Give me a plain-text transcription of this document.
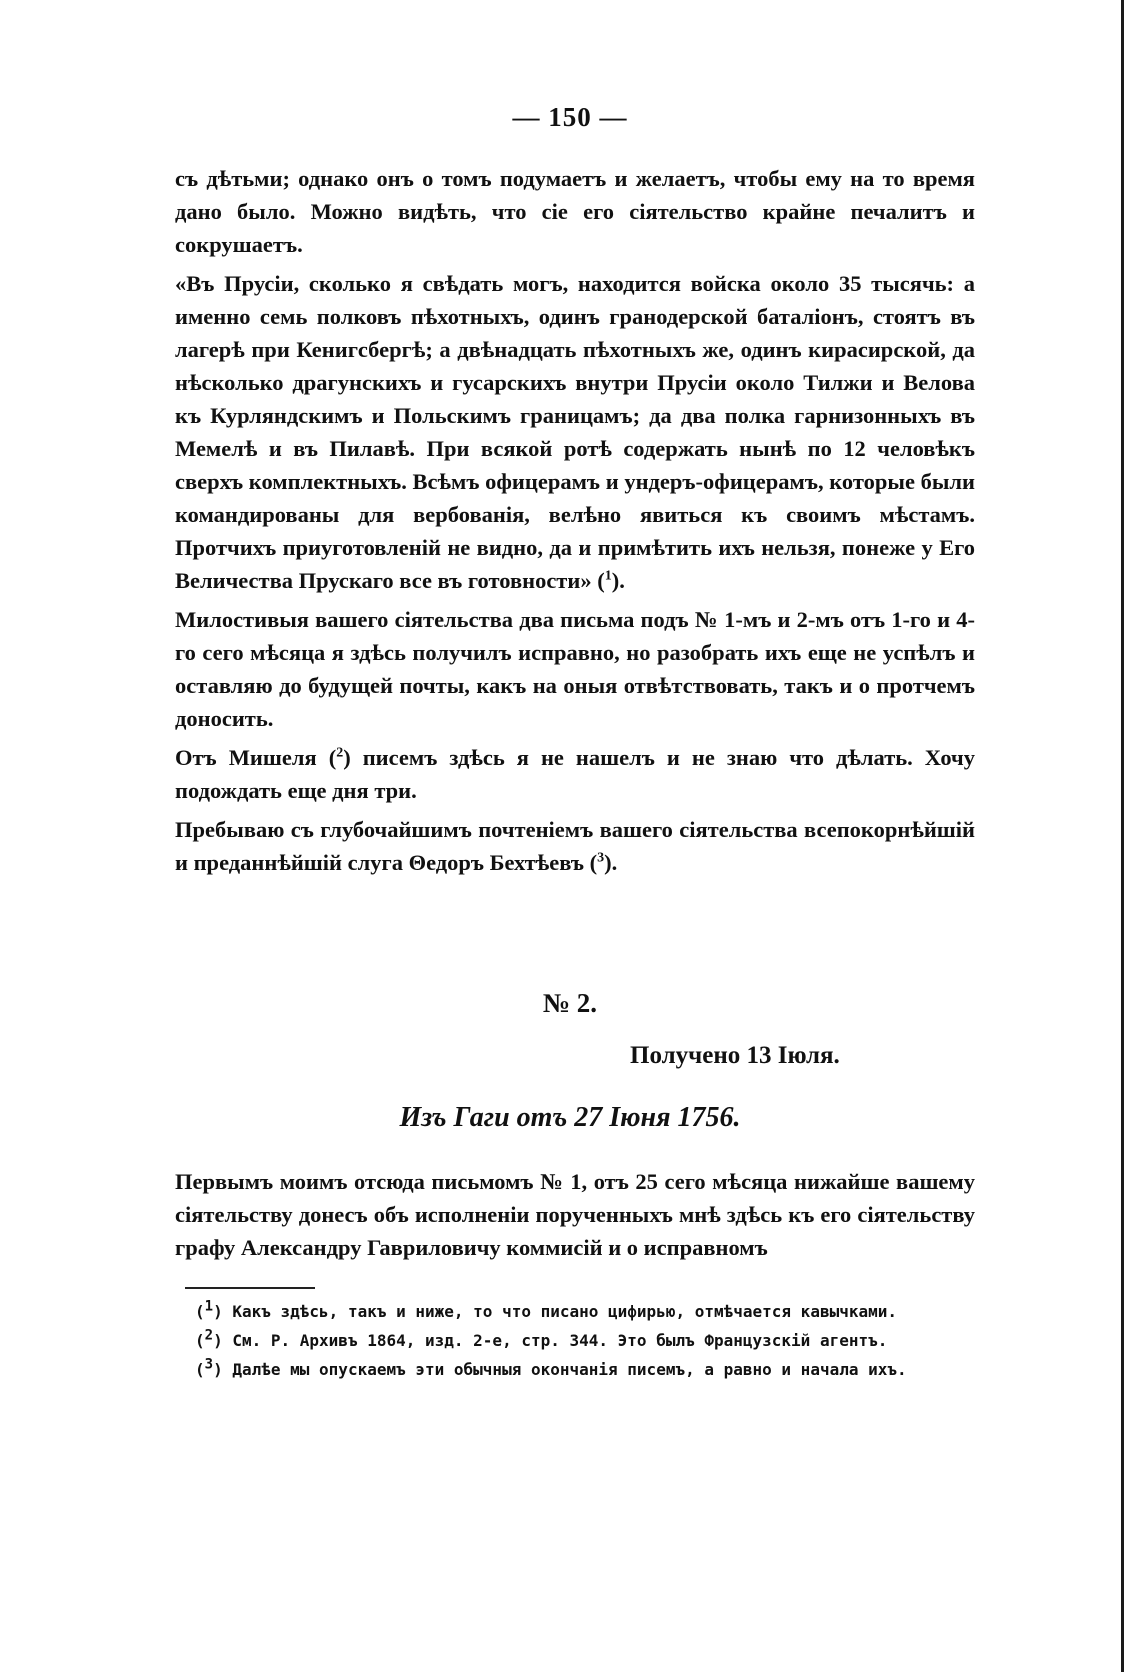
— 150 —

съ дѣтьми; однако онъ о томъ подумаетъ и желаетъ, чтобы ему на то время дано было. Можно видѣть, что сіе его сіятельство крайне печалитъ и сокрушаетъ.

«Въ Прусіи, сколько я свѣдать могъ, находится войска около 35 тысячь: а именно семь полковъ пѣхотныхъ, одинъ гранодерской баталіонъ, стоятъ въ лагерѣ при Кенигсбергѣ; а двѣнадцать пѣхотныхъ же, одинъ кирасирской, да нѣсколько драгунскихъ и гусарскихъ внутри Прусіи около Тилжи и Велова къ Курляндскимъ и Польскимъ границамъ; да два полка гарнизонныхъ въ Мемелѣ и въ Пилавѣ. При всякой ротѣ содержать нынѣ по 12 человѣкъ сверхъ комплектныхъ. Всѣмъ офицерамъ и ундеръ-офицерамъ, которые были командированы для вербованія, велѣно явиться къ своимъ мѣстамъ. Протчихъ приуготовленій не видно, да и примѣтить ихъ нельзя, понеже у Его Величества Прускаго все въ готовности» ($^1$).

Милостивыя вашего сіятельства два письма подъ № 1-мъ и 2-мъ отъ 1-го и 4-го сего мѣсяца я здѣсь получилъ исправно, но разобрать ихъ еще не успѣлъ и оставляю до будущей почты, какъ на оныя отвѣтствовать, такъ и о протчемъ доносить.

Отъ Мишеля ($^2$) писемъ здѣсь я не нашелъ и не знаю что дѣлать. Хочу подождать еще дня три.

Пребываю съ глубочайшимъ почтеніемъ вашего сіятельства всепокорнѣйшій и преданнѣйшій слуга Θедоръ Бехтѣевъ ($^3$).

№ 2.
Получено 13 Іюля.
Изъ Гаги отъ 27 Іюня 1756.

Первымъ моимъ отсюда письмомъ № 1, отъ 25 сего мѣсяца нижайше вашему сіятельству донесъ объ исполненіи порученныхъ мнѣ здѣсь къ его сіятельству графу Александру Гавриловичу коммисій и о исправномъ

($^1$) Какъ здѣсь, такъ и ниже, то что писано цифирью, отмѣчается кавычками.

($^2$) См. Р. Архивъ 1864, изд. 2-е, стр. 344. Это былъ Французскій агентъ.

($^3$) Далѣе мы опускаемъ эти обычныя окончанія писемъ, а равно и начала ихъ.
